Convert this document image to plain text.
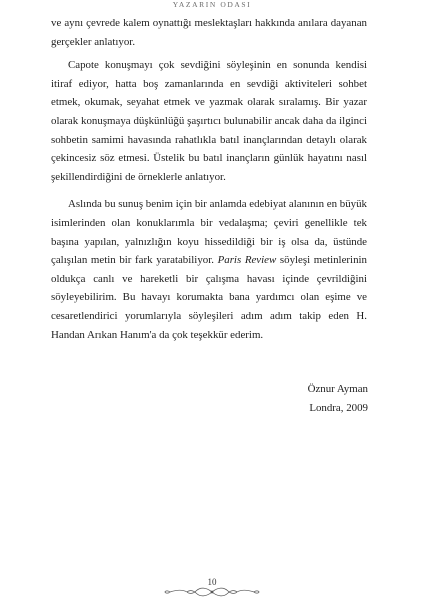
YAZARIN ODASI

ve aynı çevrede kalem oynattığı meslektaşları hakkında anılara dayanan gerçekler anlatıyor.

Capote konuşmayı çok sevdiğini söyleşinin en sonunda kendisi itiraf ediyor, hatta boş zamanlarında en sevdiği aktiviteleri sohbet etmek, okumak, seyahat etmek ve yazmak olarak sıralamış. Bir yazar olarak konuşmaya düşkünlüğü şaşırtıcı bulunabilir ancak daha da ilginci sohbetin samimi havasında rahatlıkla batıl inançlarından detaylı olarak çekincesiz söz etmesi. Üstelik bu batıl inançların günlük hayatını nasıl şekillendirdiğini de örneklerle anlatıyor.

Aslında bu sunuş benim için bir anlamda edebiyat alanının en büyük isimlerinden olan konuklarımla bir vedalaşma; çeviri genellikle tek başına yapılan, yalnızlığın koyu hissedildiği bir iş olsa da, üstünde çalışılan metin bir fark yaratabiliyor. Paris Review söyleşi metinlerinin oldukça canlı ve hareketli bir çalışma havası içinde çevrildiğini söyleyebilirim. Bu havayı korumakta bana yardımcı olan eşime ve cesaretlendirici yorumlarıyla söyleşileri adım adım takip eden H. Handan Arıkan Hanım'a da çok teşekkür ederim.

Öznur Ayman
Londra, 2009
10
